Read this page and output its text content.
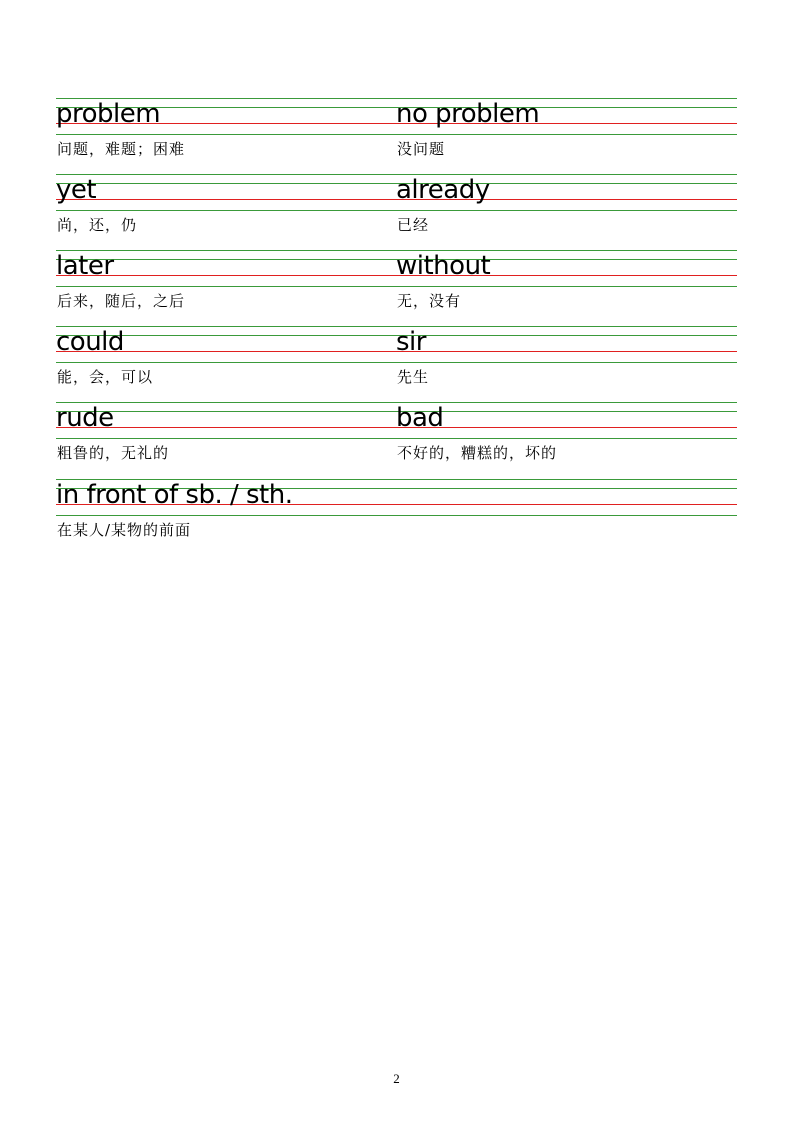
problem
问题，难题；困难
no problem
没问题
yet
尚，还，仍
already
已经
later
后来，随后，之后
without
无，没有
could
能，会，可以
sir
先生
rude
粗鲁的，无礼的
bad
不好的，糟糕的，坏的
in front of sb. / sth.
在某人/某物的前面
2
